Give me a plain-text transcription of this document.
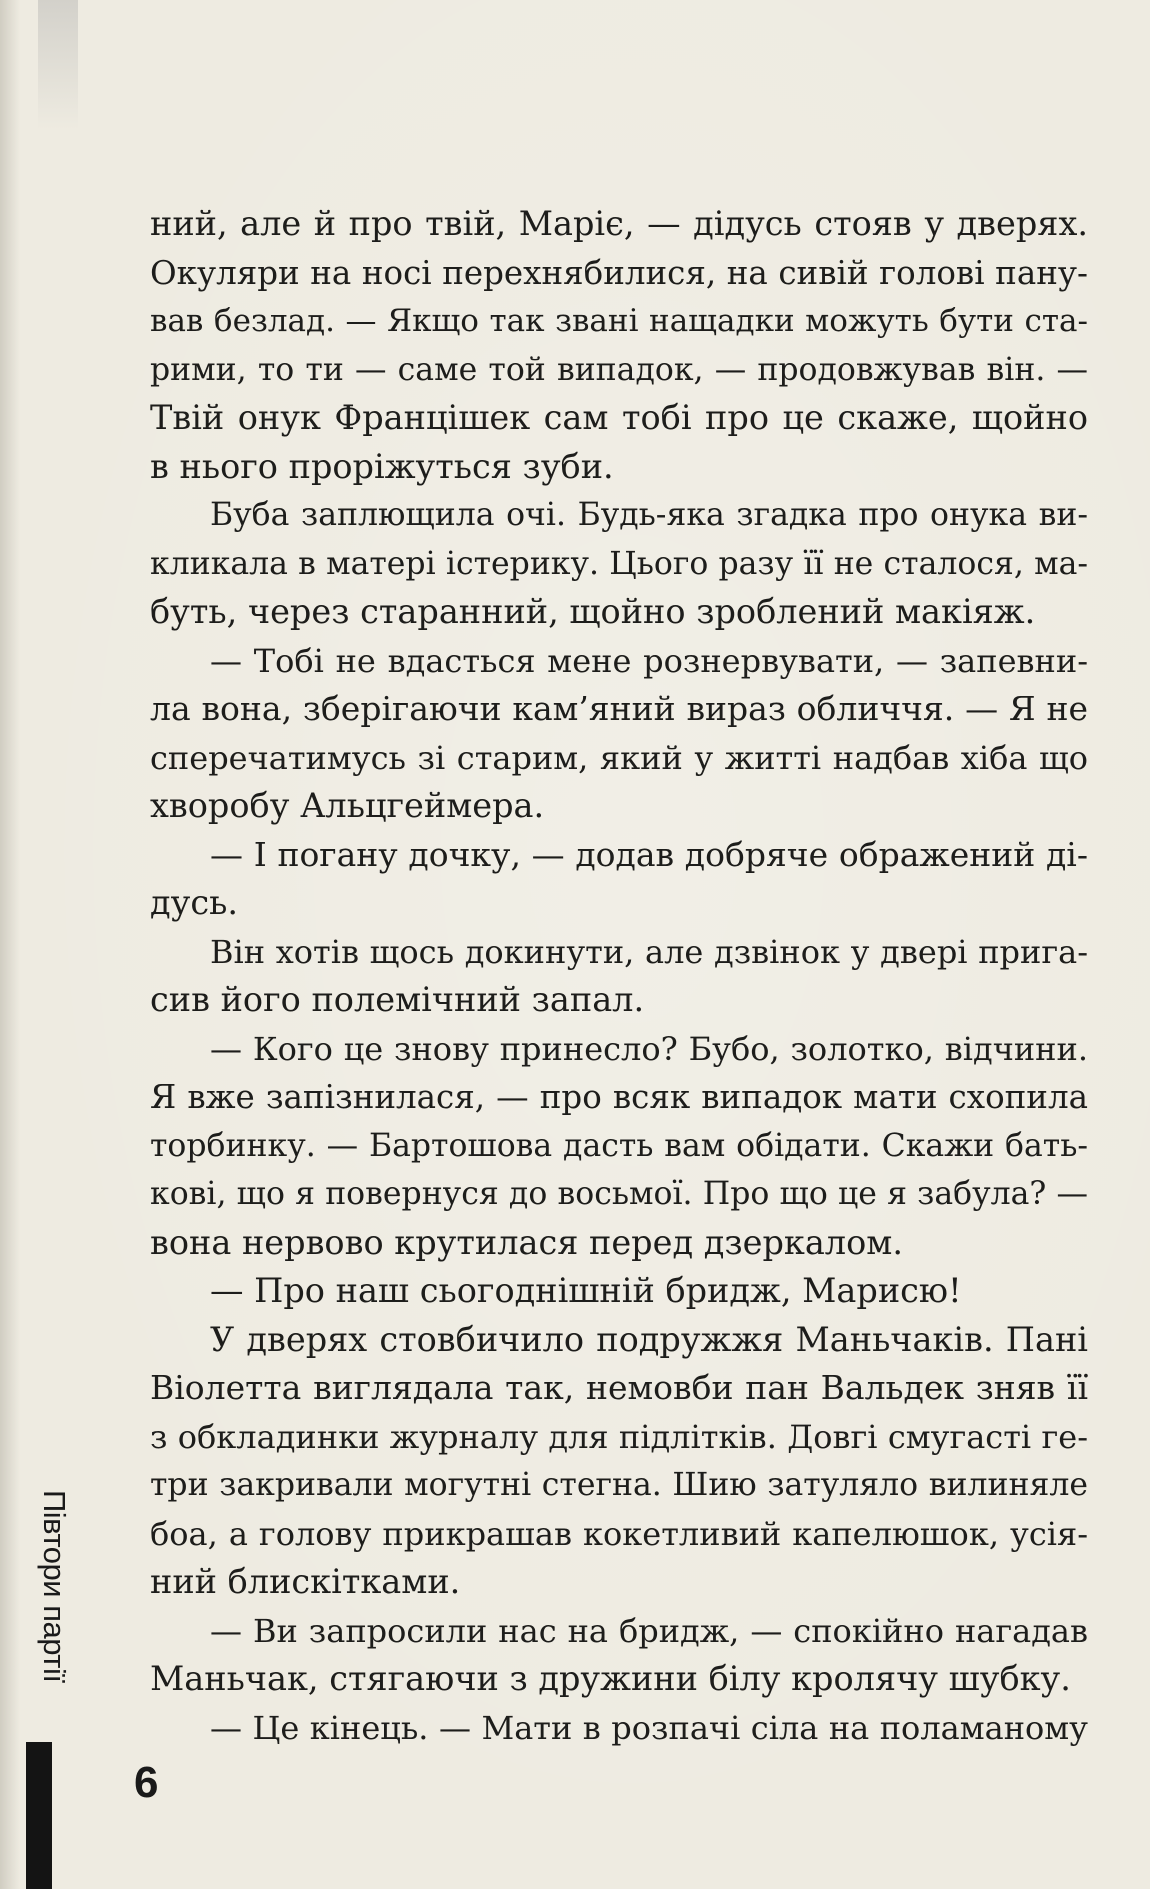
ний, але й про твій, Марiє, — дідусь стояв у дверях.
Окуляри на носі перехнябилися, на сивій голові пану-
вав безлад. — Якщо так звані нащадки можуть бути ста-
рими, то ти — саме той випадок, — продовжував він. —
Твій онук Францішек сам тобі про це скаже, щойно
в нього проріжуться зуби.
Буба заплющила очі. Будь-яка згадка про онука ви-
кликала в матері істерику. Цього разу її не сталося, ма-
буть, через старанний, щойно зроблений макіяж.
— Тобі не вдасться мене рознервувати, — запевни-
ла вона, зберігаючи кам’яний вираз обличчя. — Я не
сперечатимусь зі старим, який у житті надбав хіба що
хворобу Альцгеймера.
— І погану дочку, — додав добряче ображений ді-
дусь.
Він хотів щось докинути, але дзвінок у двері прига-
сив його полемічний запал.
— Кого це знову принесло? Бубо, золотко, відчини.
Я вже запізнилася, — про всяк випадок мати схопила
торбинку. — Бартошова дасть вам обідати. Скажи бать-
кові, що я повернуся до восьмої. Про що це я забула? —
вона нервово крутилася перед дзеркалом.
— Про наш сьогоднішній бридж, Марисю!
У дверях стовбичило подружжя Маньчаків. Пані
Віолетта виглядала так, немовби пан Вальдек зняв її
з обкладинки журналу для підлітків. Довгі смугасті ге-
три закривали могутні стегна. Шию затуляло вилиняле
боа, а голову прикрашав кокетливий капелюшок, усія-
ний блискітками.
— Ви запросили нас на бридж, — спокійно нагадав
Маньчак, стягаючи з дружини білу кролячу шубку.
— Це кінець. — Мати в розпачі сіла на поламаному
Півтори партії
6
